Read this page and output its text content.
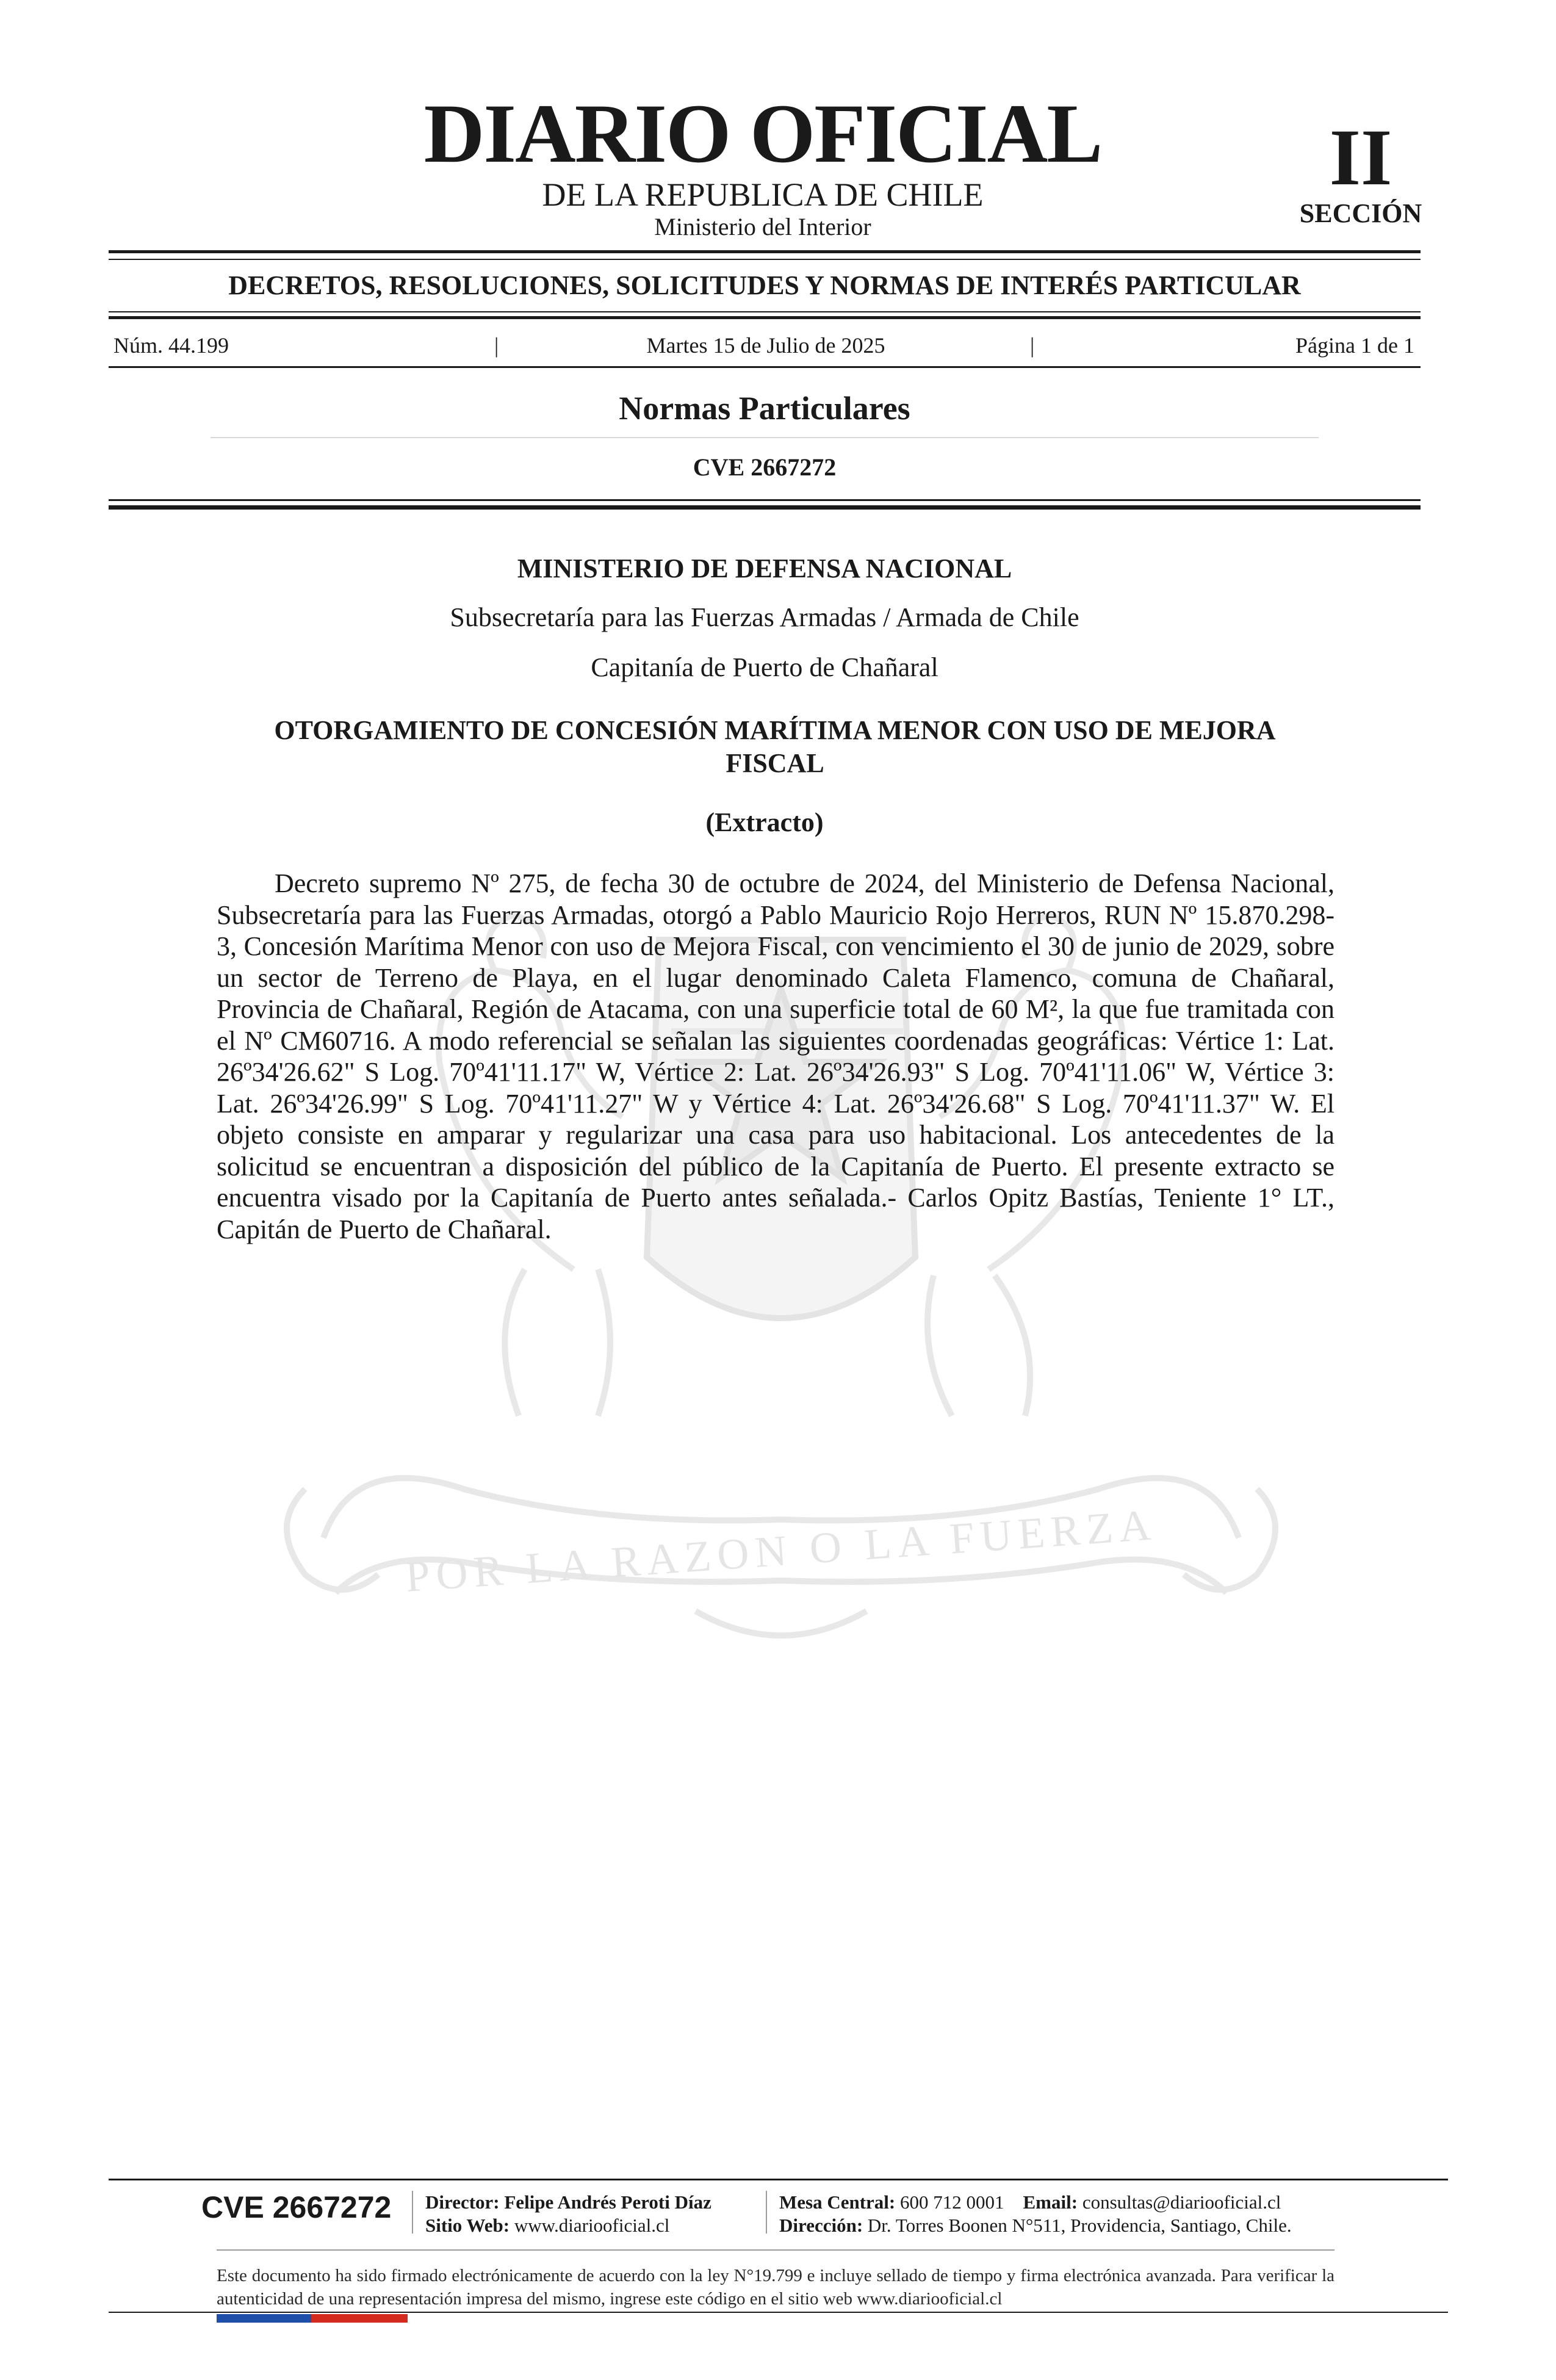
DIARIO OFICIAL
DE LA REPUBLICA DE CHILE
Ministerio del Interior
II
SECCIÓN
DECRETOS, RESOLUCIONES, SOLICITUDES Y NORMAS DE INTERÉS PARTICULAR
Núm. 44.199	|	Martes 15 de Julio de 2025	|	Página 1 de 1
Normas Particulares
CVE 2667272
POR LA RAZON O LA FUERZA
MINISTERIO DE DEFENSA NACIONAL
Subsecretaría para las Fuerzas Armadas / Armada de Chile
Capitanía de Puerto de Chañaral
OTORGAMIENTO DE CONCESIÓN MARÍTIMA MENOR CON USO DE MEJORA FISCAL
(Extracto)

Decreto supremo Nº 275, de fecha 30 de octubre de 2024, del Ministerio de Defensa Nacional, Subsecretaría para las Fuerzas Armadas, otorgó a Pablo Mauricio Rojo Herreros, RUN Nº 15.870.298-3, Concesión Marítima Menor con uso de Mejora Fiscal, con vencimiento el 30 de junio de 2029, sobre un sector de Terreno de Playa, en el lugar denominado Caleta Flamenco, comuna de Chañaral, Provincia de Chañaral, Región de Atacama, con una superficie total de 60 M², la que fue tramitada con el Nº CM60716. A modo referencial se señalan las siguientes coordenadas geográficas: Vértice 1: Lat. 26º34'26.62" S Log. 70º41'11.17" W, Vértice 2: Lat. 26º34'26.93" S Log. 70º41'11.06" W, Vértice 3: Lat. 26º34'26.99" S Log. 70º41'11.27" W y Vértice 4: Lat. 26º34'26.68" S Log. 70º41'11.37" W. El objeto consiste en amparar y regularizar una casa para uso habitacional. Los antecedentes de la solicitud se encuentran a disposición del público de la Capitanía de Puerto. El presente extracto se encuentra visado por la Capitanía de Puerto antes señalada.- Carlos Opitz Bastías, Teniente 1° LT., Capitán de Puerto de Chañaral.

CVE 2667272 Director: Felipe Andrés Peroti Díaz
Sitio Web: www.diariooficial.cl
Mesa Central: 600 712 0001 Email: consultas@diariooficial.cl
Dirección: Dr. Torres Boonen N°511, Providencia, Santiago, Chile.
Este documento ha sido firmado electrónicamente de acuerdo con la ley N°19.799 e incluye sellado de tiempo y firma electrónica avanzada. Para verificar la autenticidad de una representación impresa del mismo, ingrese este código en el sitio web www.diariooficial.cl
